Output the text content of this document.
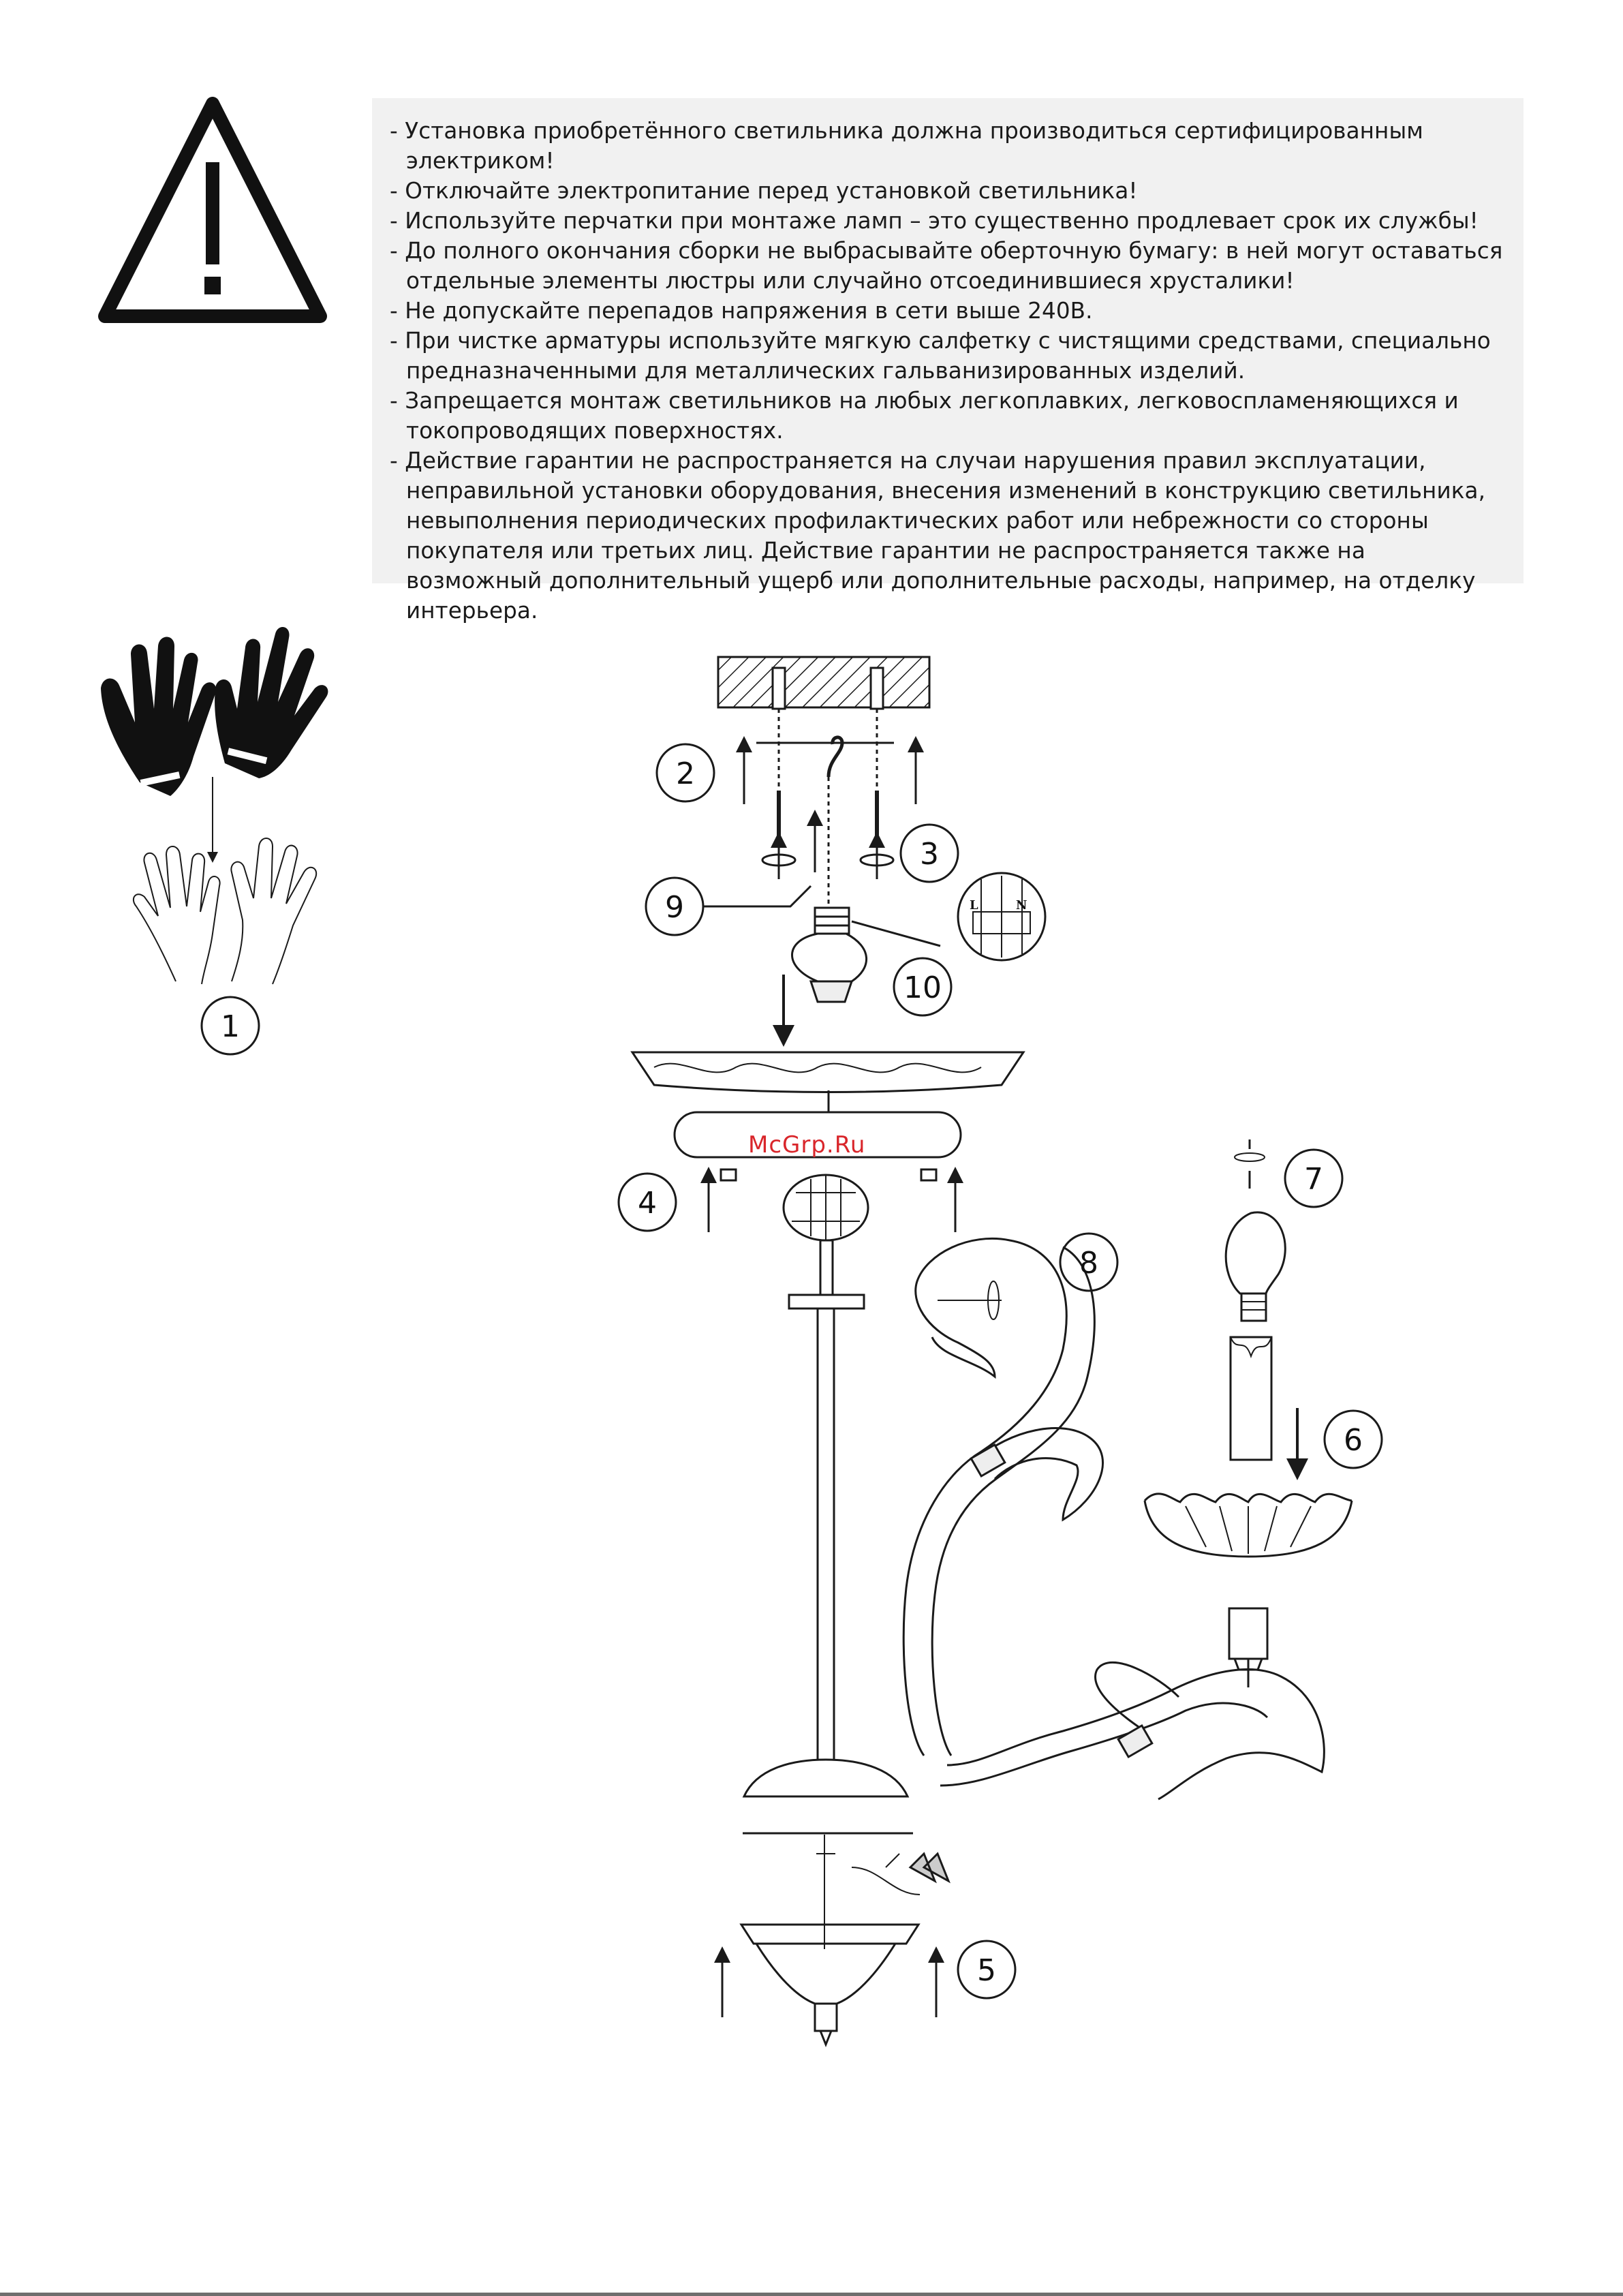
- Установка приобретённого светильника должна производиться сертифицированным электриком!
- Отключайте электропитание перед установкой светильника!
- Используйте перчатки при монтаже ламп – это существенно продлевает срок их службы!
- До полного окончания сборки не выбрасывайте оберточную бумагу: в ней могут оставаться отдельные элементы люстры или случайно отсоединившиеся хрусталики!
- Не допускайте перепадов напряжения в сети выше 240В.
- При чистке арматуры используйте мягкую салфетку с чистящими средствами, специально предназначенными для металлических гальванизированных изделий.
- Запрещается монтаж светильников на любых легкоплавких, легковоспламеняющихся и токопроводящих поверхностях.
- Действие гарантии не распространяется на случаи нарушения правил эксплуатации, неправильной установки оборудования, внесения изменений в конструкцию светильника, невыполнения периодических профилактических работ или небрежности со стороны покупателя или третьих лиц. Действие гарантии не распространяется также на возможный дополнительный ущерб или дополнительные расходы, например, на отделку интерьера.
1
2
3
9	L	N
10
4
5
8
6
7
McGrp.Ru
